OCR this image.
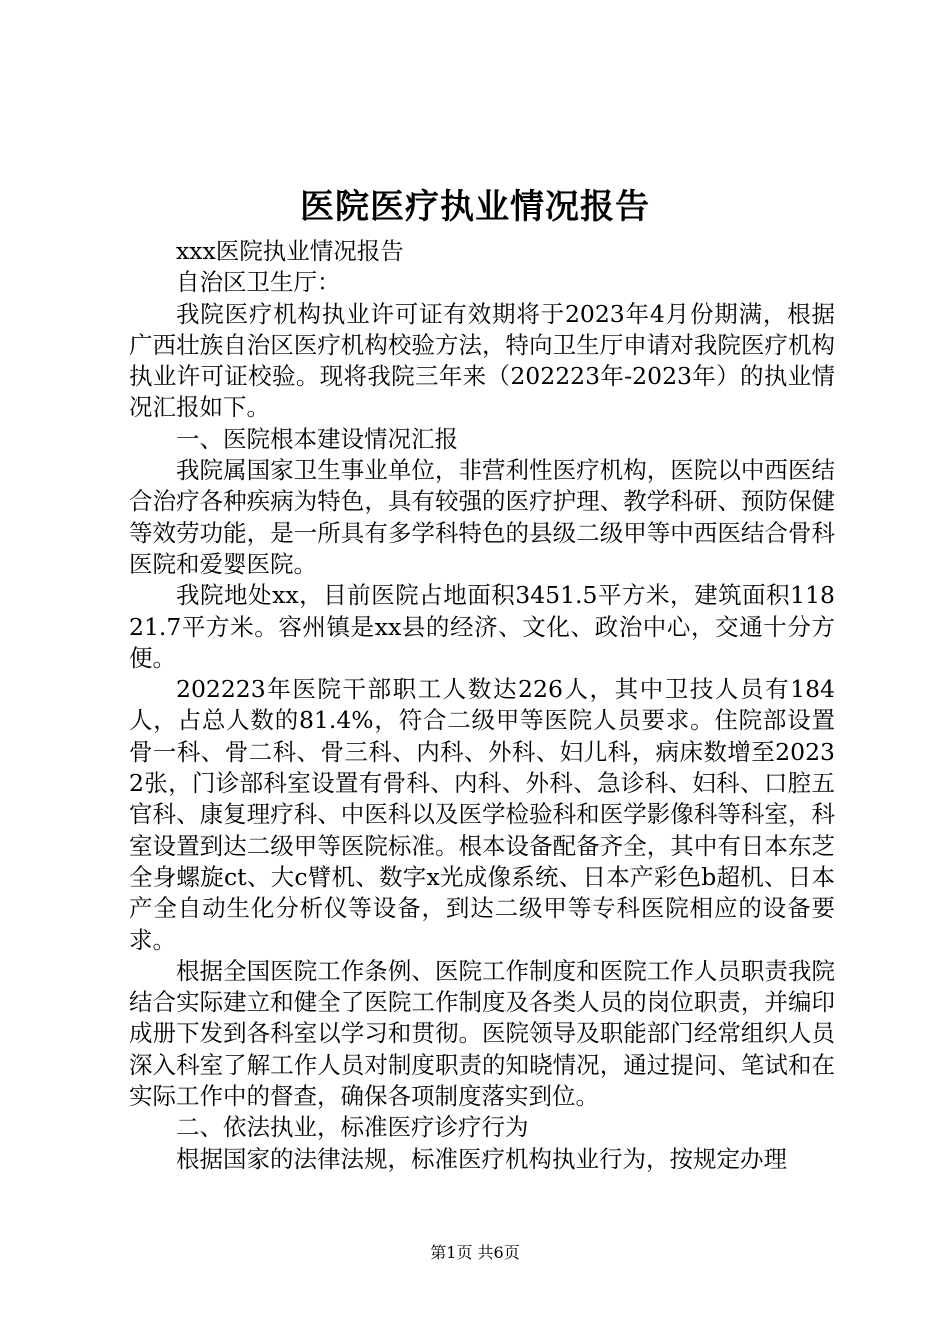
医院医疗执业情况报告

xxx医院执业情况报告

自治区卫生厅：

我院医疗机构执业许可证有效期将于2023年4月份期满，根据广西壮族自治区医疗机构校验方法，特向卫生厅申请对我院医疗机构执业许可证校验。现将我院三年来（202223年-2023年）的执业情况汇报如下。

一、医院根本建设情况汇报

我院属国家卫生事业单位，非营利性医疗机构，医院以中西医结合治疗各种疾病为特色，具有较强的医疗护理、教学科研、预防保健等效劳功能，是一所具有多学科特色的县级二级甲等中西医结合骨科医院和爱婴医院。

我院地处xx，目前医院占地面积3451.5平方米，建筑面积11821.7平方米。容州镇是xx县的经济、文化、政治中心，交通十分方便。

202223年医院干部职工人数达226人，其中卫技人员有184人，占总人数的81.4%，符合二级甲等医院人员要求。住院部设置骨一科、骨二科、骨三科、内科、外科、妇儿科，病床数增至20232张，门诊部科室设置有骨科、内科、外科、急诊科、妇科、口腔五官科、康复理疗科、中医科以及医学检验科和医学影像科等科室，科室设置到达二级甲等医院标准。根本设备配备齐全，其中有日本东芝全身螺旋ct、大c臂机、数字x光成像系统、日本产彩色b超机、日本产全自动生化分析仪等设备，到达二级甲等专科医院相应的设备要求。

根据全国医院工作条例、医院工作制度和医院工作人员职责我院结合实际建立和健全了医院工作制度及各类人员的岗位职责，并编印成册下发到各科室以学习和贯彻。医院领导及职能部门经常组织人员深入科室了解工作人员对制度职责的知晓情况，通过提问、笔试和在实际工作中的督查，确保各项制度落实到位。

二、依法执业，标准医疗诊疗行为

根据国家的法律法规，标准医疗机构执业行为，按规定办理

第1页 共6页
